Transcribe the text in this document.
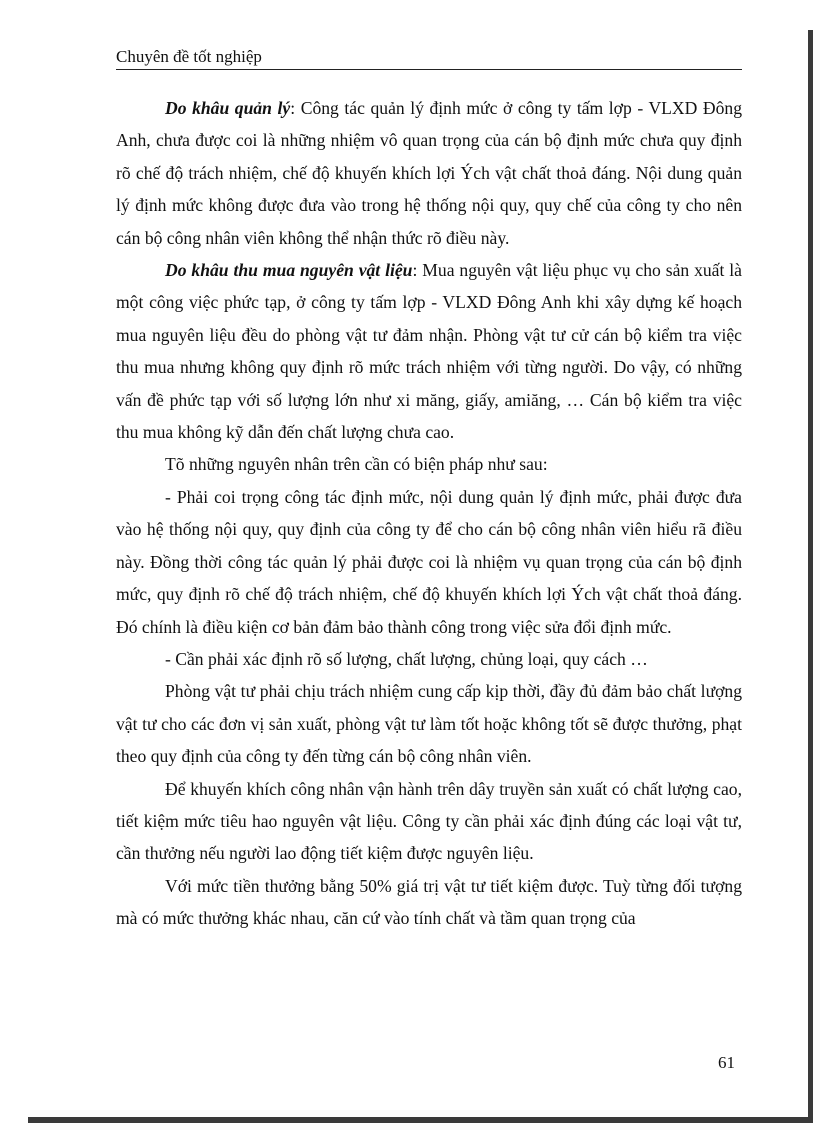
Chuyên đề tốt nghiệp

Do khâu quản lý: Công tác quản lý định mức ở công ty tấm lợp - VLXD Đông Anh, chưa được coi là những nhiệm vô quan trọng của cán bộ định mức chưa quy định rõ chế độ trách nhiệm, chế độ khuyến khích lợi Ých vật chất thoả đáng. Nội dung quản lý định mức không được đưa vào trong hệ thống nội quy, quy chế của công ty cho nên cán bộ công nhân viên không thể nhận thức rõ điều này.

Do khâu thu mua nguyên vật liệu: Mua nguyên vật liệu phục vụ cho sản xuất là một công việc phức tạp, ở công ty tấm lợp - VLXD Đông Anh khi xây dựng kế hoạch mua nguyên liệu đều do phòng vật tư đảm nhận. Phòng vật tư cử cán bộ kiểm tra việc thu mua nhưng không quy định rõ mức trách nhiệm với từng người. Do vậy, có những vấn đề phức tạp với số lượng lớn như xi măng, giấy, amiăng, … Cán bộ kiểm tra việc thu mua không kỹ dẫn đến chất lượng chưa cao.

Tõ những nguyên nhân trên cần có biện pháp như sau:

- Phải coi trọng công tác định mức, nội dung quản lý định mức, phải được đưa vào hệ thống nội quy, quy định của công ty để cho cán bộ công nhân viên hiểu rã điều này. Đồng thời công tác quản lý phải được coi là nhiệm vụ quan trọng của cán bộ định mức, quy định rõ chế độ trách nhiệm, chế độ khuyến khích lợi Ých vật chất thoả đáng. Đó chính là điều kiện cơ bản đảm bảo thành công trong việc sửa đổi định mức.

- Cần phải xác định rõ số lượng, chất lượng, chủng loại, quy cách …

Phòng vật tư phải chịu trách nhiệm cung cấp kịp thời, đầy đủ đảm bảo chất lượng vật tư cho các đơn vị sản xuất, phòng vật tư làm tốt hoặc không tốt sẽ được thưởng, phạt theo quy định của công ty đến từng cán bộ công nhân viên.

Để khuyến khích công nhân vận hành trên dây truyền sản xuất có chất lượng cao, tiết kiệm mức tiêu hao nguyên vật liệu. Công ty cần phải xác định đúng các loại vật tư, cần thưởng nếu người lao động tiết kiệm được nguyên liệu.

Với mức tiền thưởng bằng 50% giá trị vật tư tiết kiệm được. Tuỳ từng đối tượng mà có mức thưởng khác nhau, căn cứ vào tính chất và tầm quan trọng của

61
